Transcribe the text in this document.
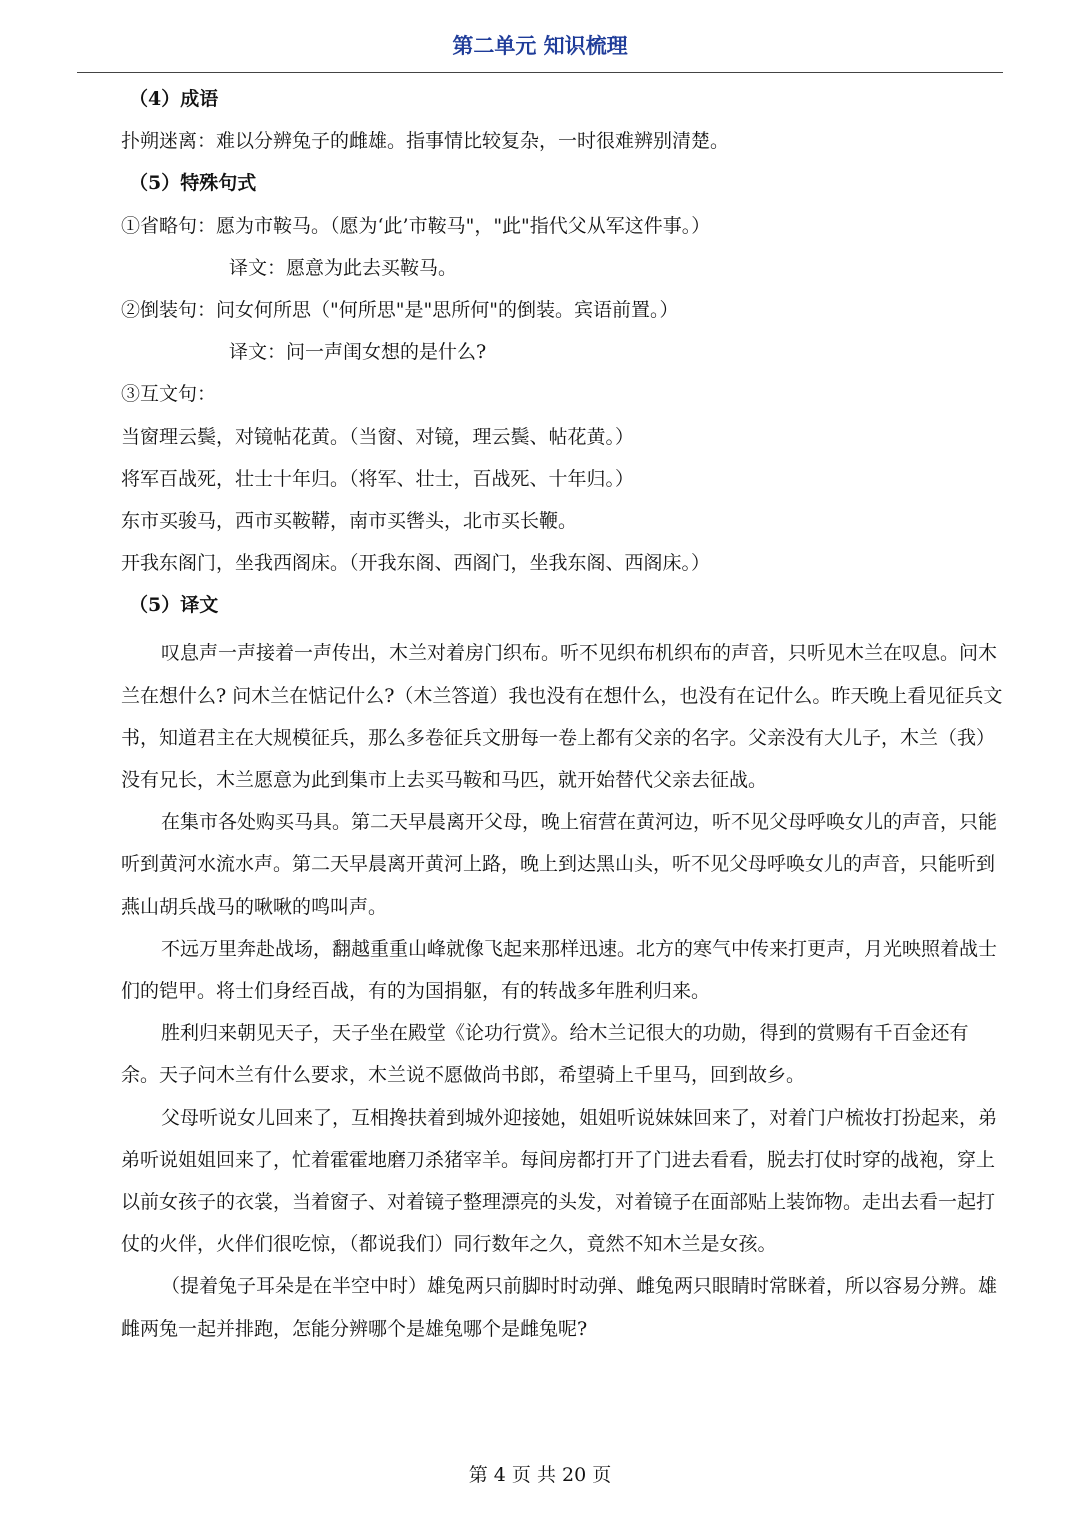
第二单元 知识梳理
（4）成语
扑朔迷离：难以分辨兔子的雌雄。指事情比较复杂，一时很难辨别清楚。
（5）特殊句式
①省略句：愿为市鞍马。（愿为‘此’市鞍马"，"此"指代父从军这件事。）
译文：愿意为此去买鞍马。
②倒装句：问女何所思（"何所思"是"思所何"的倒装。宾语前置。）
译文：问一声闺女想的是什么?
③互文句：
当窗理云鬓，对镜帖花黄。（当窗、对镜，理云鬓、帖花黄。）
将军百战死，壮士十年归。（将军、壮士，百战死、十年归。）
东市买骏马，西市买鞍鞯，南市买辔头，北市买长鞭。
开我东阁门，坐我西阁床。（开我东阁、西阁门，坐我东阁、西阁床。）
（5）译文

叹息声一声接着一声传出，木兰对着房门织布。听不见织布机织布的声音，只听见木兰在叹息。问木兰在想什么? 问木兰在惦记什么?（木兰答道）我也没有在想什么，也没有在记什么。昨天晚上看见征兵文书，知道君主在大规模征兵，那么多卷征兵文册每一卷上都有父亲的名字。父亲没有大儿子，木兰（我）没有兄长，木兰愿意为此到集市上去买马鞍和马匹，就开始替代父亲去征战。

在集市各处购买马具。第二天早晨离开父母，晚上宿营在黄河边，听不见父母呼唤女儿的声音，只能听到黄河水流水声。第二天早晨离开黄河上路，晚上到达黑山头，听不见父母呼唤女儿的声音，只能听到燕山胡兵战马的啾啾的鸣叫声。

不远万里奔赴战场，翻越重重山峰就像飞起来那样迅速。北方的寒气中传来打更声，月光映照着战士们的铠甲。将士们身经百战，有的为国捐躯，有的转战多年胜利归来。

胜利归来朝见天子，天子坐在殿堂《论功行赏》。给木兰记很大的功勋，得到的赏赐有千百金还有余。天子问木兰有什么要求，木兰说不愿做尚书郎，希望骑上千里马，回到故乡。

父母听说女儿回来了，互相搀扶着到城外迎接她，姐姐听说妹妹回来了，对着门户梳妆打扮起来，弟弟听说姐姐回来了，忙着霍霍地磨刀杀猪宰羊。每间房都打开了门进去看看，脱去打仗时穿的战袍，穿上以前女孩子的衣裳，当着窗子、对着镜子整理漂亮的头发，对着镜子在面部贴上装饰物。走出去看一起打仗的火伴，火伴们很吃惊，（都说我们）同行数年之久，竟然不知木兰是女孩。

（提着兔子耳朵是在半空中时）雄兔两只前脚时时动弹、雌兔两只眼睛时常眯着，所以容易分辨。雄雌两兔一起并排跑，怎能分辨哪个是雄兔哪个是雌兔呢?

第 4 页 共 20 页
